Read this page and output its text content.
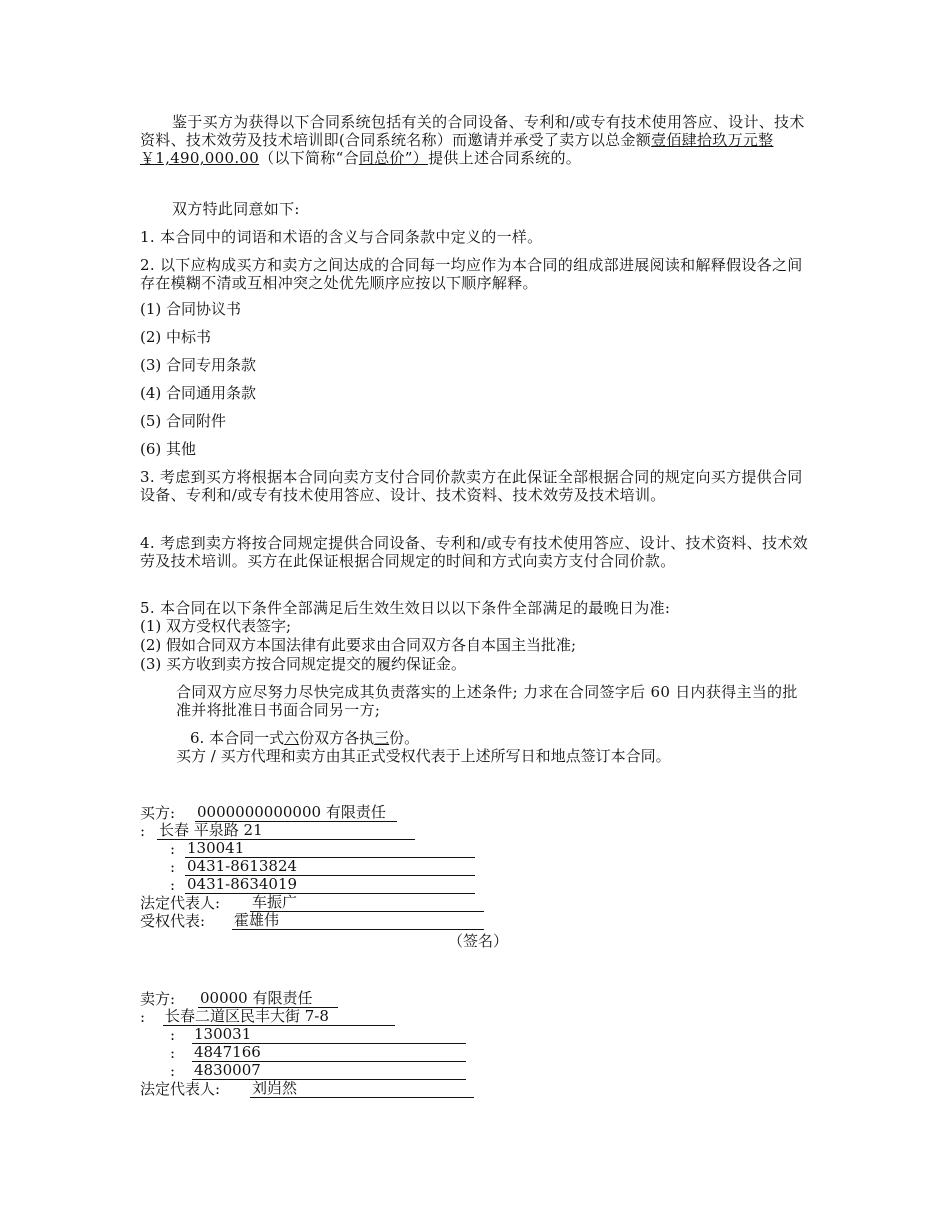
鉴于买方为获得以下合同系统包括有关的合同设备、专利和/或专有技术使用答应、设计、技术资料、技术效劳及技术培训即(合同系统名称）而邀请并承受了卖方以总金额壹佰肆拾玖万元整￥1,490,000.00（以下简称“合同总价”）提供上述合同系统的。

双方特此同意如下:

1. 本合同中的词语和术语的含义与合同条款中定义的一样。

2. 以下应构成买方和卖方之间达成的合同每一均应作为本合同的组成部进展阅读和解释假设各之间存在模糊不清或互相冲突之处优先顺序应按以下顺序解释。

(1) 合同协议书
(2) 中标书
(3) 合同专用条款
(4) 合同通用条款
(5) 合同附件
(6) 其他

3. 考虑到买方将根据本合同向卖方支付合同价款卖方在此保证全部根据合同的规定向买方提供合同设备、专利和/或专有技术使用答应、设计、技术资料、技术效劳及技术培训。

4. 考虑到卖方将按合同规定提供合同设备、专利和/或专有技术使用答应、设计、技术资料、技术效劳及技术培训。买方在此保证根据合同规定的时间和方式向卖方支付合同价款。

5. 本合同在以下条件全部满足后生效生效日以以下条件全部满足的最晚日为准:

(1) 双方受权代表签字;
(2) 假如合同双方本国法律有此要求由合同双方各自本国主当批准;
(3) 买方收到卖方按合同规定提交的履约保证金。

合同双方应尽努力尽快完成其负责落实的上述条件; 力求在合同签字后 60 日内获得主当的批准并将批准日书面合同另一方;

6. 本合同一式六份双方各执三份。
买方 / 买方代理和卖方由其正式受权代表于上述所写日和地点签订本合同。
买方: 0000000000000 有限责任
: 长春 平泉路 21
: 130041
: 0431-8613824
: 0431-8634019
法定代表人: 车振广
受权代表: 霍雄伟
（签名）
卖方: 00000 有限责任
: 长春二道区民丰大街 7-8
: 130031
: 4847166
: 4830007
法定代表人: 刘岿然
